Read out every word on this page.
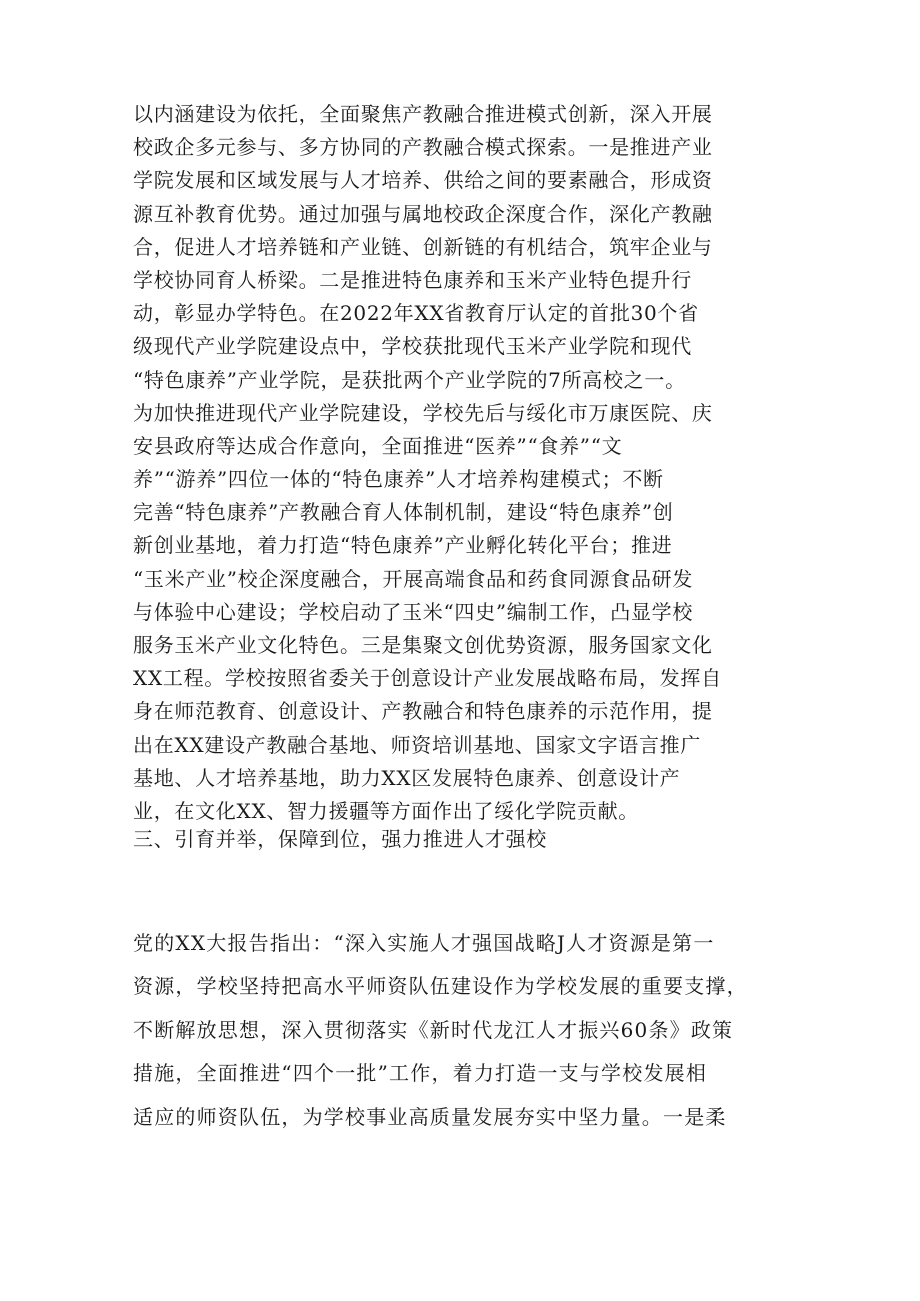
以内涵建设为依托，全面聚焦产教融合推进模式创新，深入开展
校政企多元参与、多方协同的产教融合模式探索。一是推进产业
学院发展和区域发展与人才培养、供给之间的要素融合，形成资
源互补教育优势。通过加强与属地校政企深度合作，深化产教融
合，促进人才培养链和产业链、创新链的有机结合，筑牢企业与
学校协同育人桥梁。二是推进特色康养和玉米产业特色提升行
动，彰显办学特色。在2022年XX省教育厅认定的首批30个省
级现代产业学院建设点中，学校获批现代玉米产业学院和现代
“特色康养”产业学院，是获批两个产业学院的7所高校之一。
为加快推进现代产业学院建设，学校先后与绥化市万康医院、庆
安县政府等达成合作意向，全面推进“医养”“食养”“文
养”“游养”四位一体的“特色康养”人才培养构建模式；不断
完善“特色康养”产教融合育人体制机制，建设“特色康养”创
新创业基地，着力打造“特色康养”产业孵化转化平台；推进
“玉米产业”校企深度融合，开展高端食品和药食同源食品研发
与体验中心建设；学校启动了玉米“四史”编制工作，凸显学校
服务玉米产业文化特色。三是集聚文创优势资源，服务国家文化
XX工程。学校按照省委关于创意设计产业发展战略布局，发挥自
身在师范教育、创意设计、产教融合和特色康养的示范作用，提
出在XX建设产教融合基地、师资培训基地、国家文字语言推广
基地、人才培养基地，助力XX区发展特色康养、创意设计产
业，在文化XX、智力援疆等方面作出了绥化学院贡献。
三、引育并举，保障到位，强力推进人才强校
党的XX大报告指出：“深入实施人才强国战略J人才资源是第一
资源，学校坚持把高水平师资队伍建设作为学校发展的重要支撑，
不断解放思想，深入贯彻落实《新时代龙江人才振兴60条》政策
措施，全面推进“四个一批”工作，着力打造一支与学校发展相
适应的师资队伍，为学校事业高质量发展夯实中坚力量。一是柔
